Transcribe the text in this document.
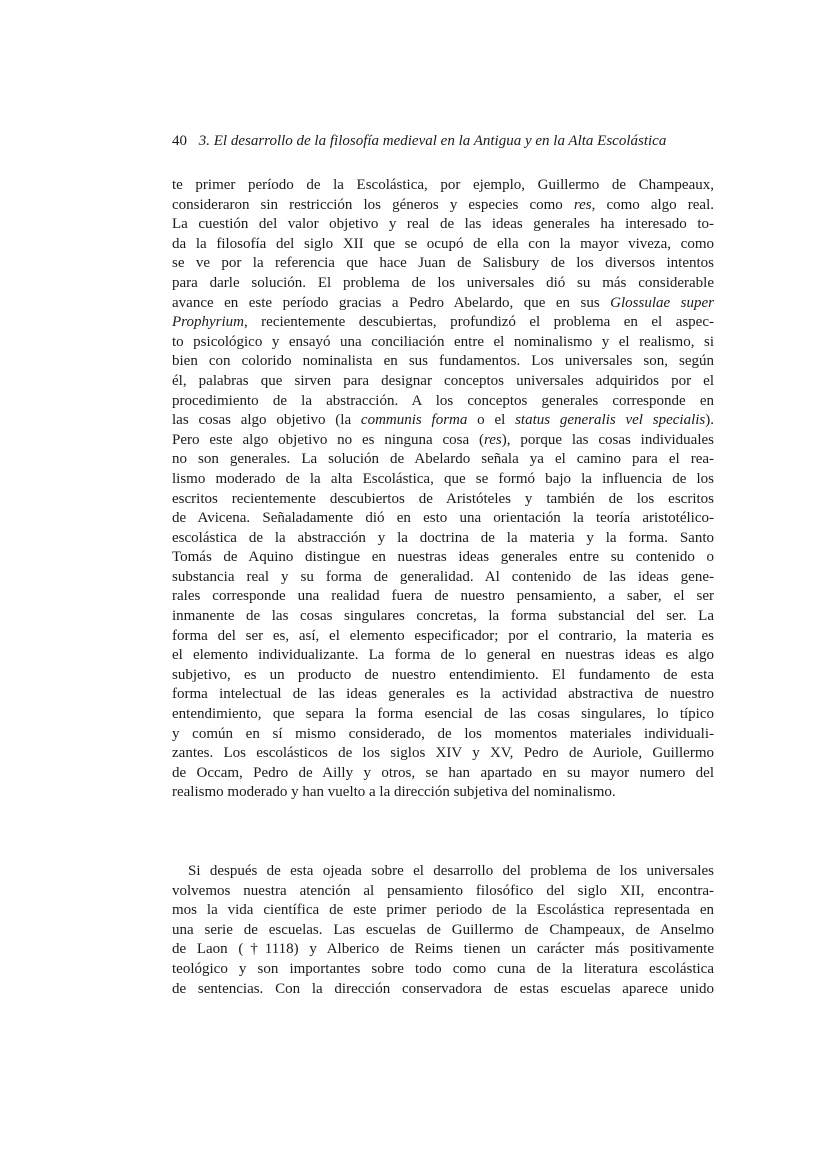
40 3. El desarrollo de la filosofía medieval en la Antigua y en la Alta Escolástica
te primer período de la Escolástica, por ejemplo, Guillermo de Champeaux,
consideraron sin restricción los géneros y especies como res, como algo real.
La cuestión del valor objetivo y real de las ideas generales ha interesado to-
da la filosofía del siglo XII que se ocupó de ella con la mayor viveza, como
se ve por la referencia que hace Juan de Salisbury de los diversos intentos
para darle solución. El problema de los universales dió su más considerable
avance en este período gracias a Pedro Abelardo, que en sus Glossulae super
Prophyrium, recientemente descubiertas, profundizó el problema en el aspec-
to psicológico y ensayó una conciliación entre el nominalismo y el realismo, si
bien con colorido nominalista en sus fundamentos. Los universales son, según
él, palabras que sirven para designar conceptos universales adquiridos por el
procedimiento de la abstracción. A los conceptos generales corresponde en
las cosas algo objetivo (la communis forma o el status generalis vel specialis).
Pero este algo objetivo no es ninguna cosa (res), porque las cosas individuales
no son generales. La solución de Abelardo señala ya el camino para el rea-
lismo moderado de la alta Escolástica, que se formó bajo la influencia de los
escritos recientemente descubiertos de Aristóteles y también de los escritos
de Avicena. Señaladamente dió en esto una orientación la teoría aristotélico-
escolástica de la abstracción y la doctrina de la materia y la forma. Santo
Tomás de Aquino distingue en nuestras ideas generales entre su contenido o
substancia real y su forma de generalidad. Al contenido de las ideas gene-
rales corresponde una realidad fuera de nuestro pensamiento, a saber, el ser
inmanente de las cosas singulares concretas, la forma substancial del ser. La
forma del ser es, así, el elemento especificador; por el contrario, la materia es
el elemento individualizante. La forma de lo general en nuestras ideas es algo
subjetivo, es un producto de nuestro entendimiento. El fundamento de esta
forma intelectual de las ideas generales es la actividad abstractiva de nuestro
entendimiento, que separa la forma esencial de las cosas singulares, lo típico
y común en sí mismo considerado, de los momentos materiales individuali-
zantes. Los escolásticos de los siglos XIV y XV, Pedro de Auriole, Guillermo
de Occam, Pedro de Ailly y otros, se han apartado en su mayor numero del
realismo moderado y han vuelto a la dirección subjetiva del nominalismo.
Si después de esta ojeada sobre el desarrollo del problema de los universales
volvemos nuestra atención al pensamiento filosófico del siglo XII, encontra-
mos la vida científica de este primer periodo de la Escolástica representada en
una serie de escuelas. Las escuelas de Guillermo de Champeaux, de Anselmo
de Laon (†1118) y Alberico de Reims tienen un carácter más positivamente
teológico y son importantes sobre todo como cuna de la literatura escolástica
de sentencias. Con la dirección conservadora de estas escuelas aparece unido
